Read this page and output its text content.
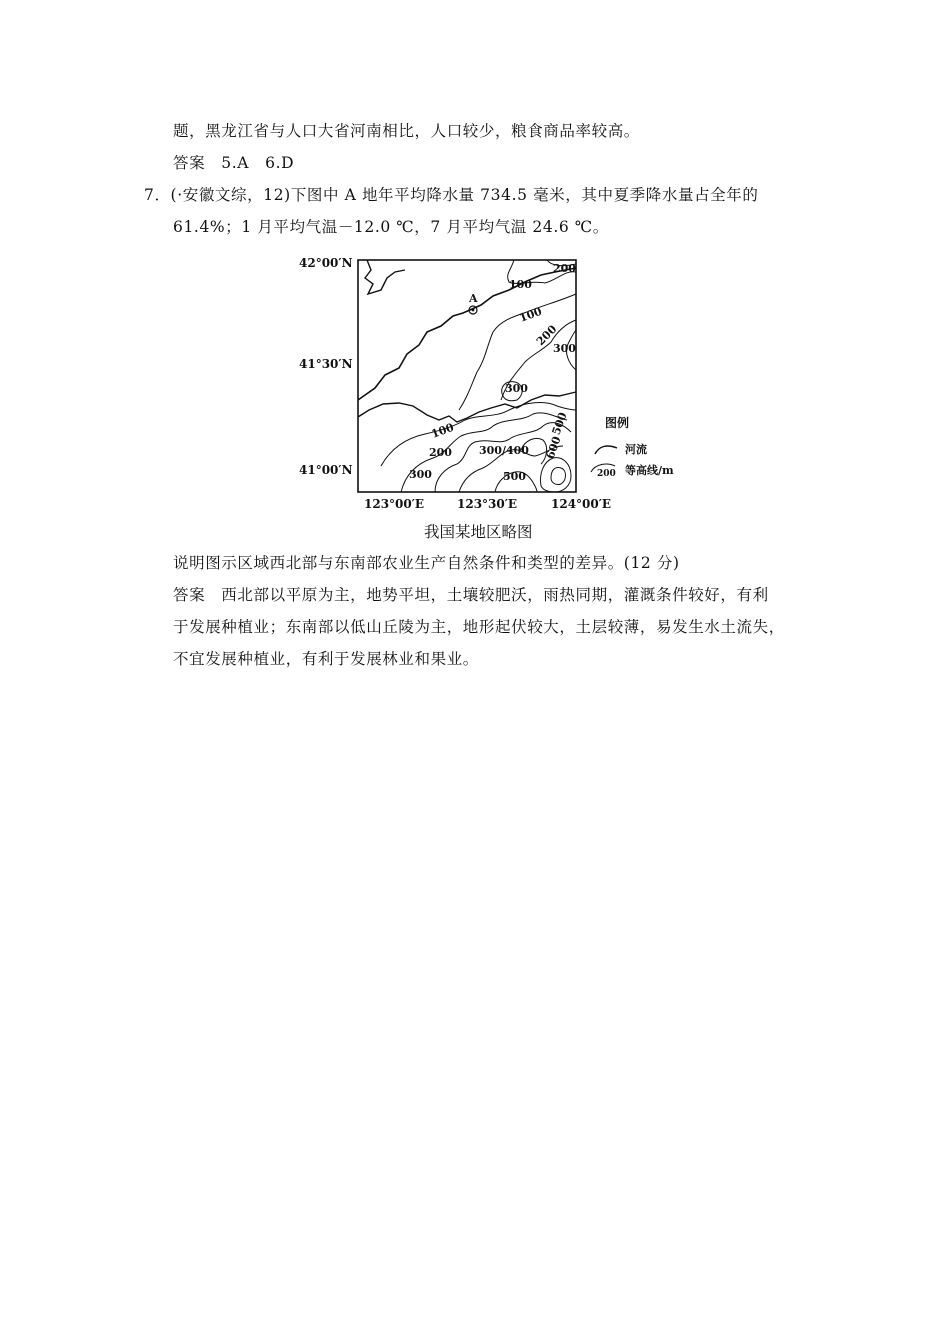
题，黑龙江省与人口大省河南相比，人口较少，粮食商品率较高。
答案　5.A　6.D
7．(·安徽文综，12)下图中 A 地年平均降水量 734.5 毫米，其中夏季降水量占全年的
61.4%；1 月平均气温－12.0 ℃，7 月平均气温 24.6 ℃。
42°00′N
41°30′N
41°00′N
123°00′E	123°30′E	124°00′E
A
200
100
100
200
300
300
100
200
300
300/400
500
500
600
图例
河流
200 等高线/m
我国某地区略图
说明图示区域西北部与东南部农业生产自然条件和类型的差异。(12 分)
答案　西北部以平原为主，地势平坦，土壤较肥沃，雨热同期，灌溉条件较好，有利
于发展种植业；东南部以低山丘陵为主，地形起伏较大，土层较薄，易发生水土流失，
不宜发展种植业，有利于发展林业和果业。
